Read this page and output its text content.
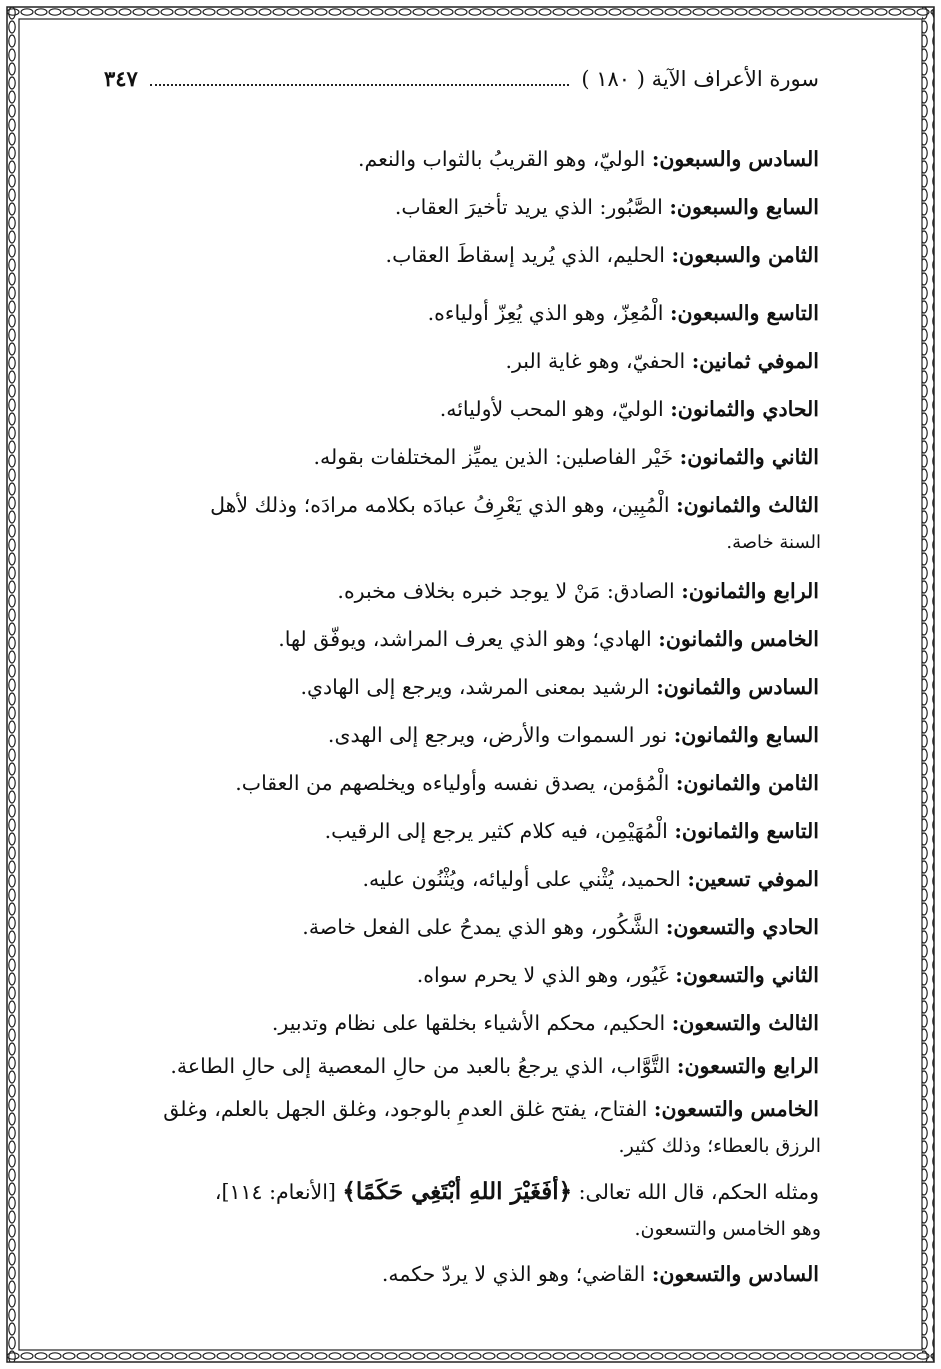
سورة الأعراف الآية ( ١٨٠ )
٣٤٧
السادس والسبعون: الوليّ، وهو القريبُ بالثواب والنعم.
السابع والسبعون: الصَّبُور: الذي يريد تأخيرَ العقاب.
الثامن والسبعون: الحليم، الذي يُريد إسقاطَ العقاب.
التاسع والسبعون: الْمُعِزّ، وهو الذي يُعِزّ أولياءه.
الموفي ثمانين: الحفيّ، وهو غاية البر.
الحادي والثمانون: الوليّ، وهو المحب لأوليائه.
الثاني والثمانون: خَيْر الفاصلين: الذين يميِّز المختلفات بقوله.
الثالث والثمانون: الْمُبِين، وهو الذي يَعْرِفُ عبادَه بكلامه مرادَه؛ وذلك لأهل
السنة خاصة.
الرابع والثمانون: الصادق: مَنْ لا يوجد خبره بخلاف مخبره.
الخامس والثمانون: الهادي؛ وهو الذي يعرف المراشد، ويوفّق لها.
السادس والثمانون: الرشيد بمعنى المرشد، ويرجع إلى الهادي.
السابع والثمانون: نور السموات والأرض، ويرجع إلى الهدى.
الثامن والثمانون: الْمُؤمن، يصدق نفسه وأولياءه ويخلصهم من العقاب.
التاسع والثمانون: الْمُهَيْمِن، فيه كلام كثير يرجع إلى الرقيب.
الموفي تسعين: الحميد، يُثْني على أوليائه، ويُثْنُون عليه.
الحادي والتسعون: الشَّكُور، وهو الذي يمدحُ على الفعل خاصة.
الثاني والتسعون: غَيُور، وهو الذي لا يحرم سواه.
الثالث والتسعون: الحكيم، محكم الأشياء بخلقها على نظام وتدبير.
الرابع والتسعون: التَّوَّاب، الذي يرجعُ بالعبد من حالِ المعصية إلى حالِ الطاعة.
الخامس والتسعون: الفتاح، يفتح غلق العدمِ بالوجود، وغلق الجهل بالعلم، وغلق
الرزق بالعطاء؛ وذلك كثير.
ومثله الحكم، قال الله تعالى: ﴿أَفَغَيْرَ اللهِ أَبْتَغِي حَكَمًا﴾ [الأنعام: ١١٤]،
وهو الخامس والتسعون.
السادس والتسعون: القاضي؛ وهو الذي لا يردّ حكمه.
